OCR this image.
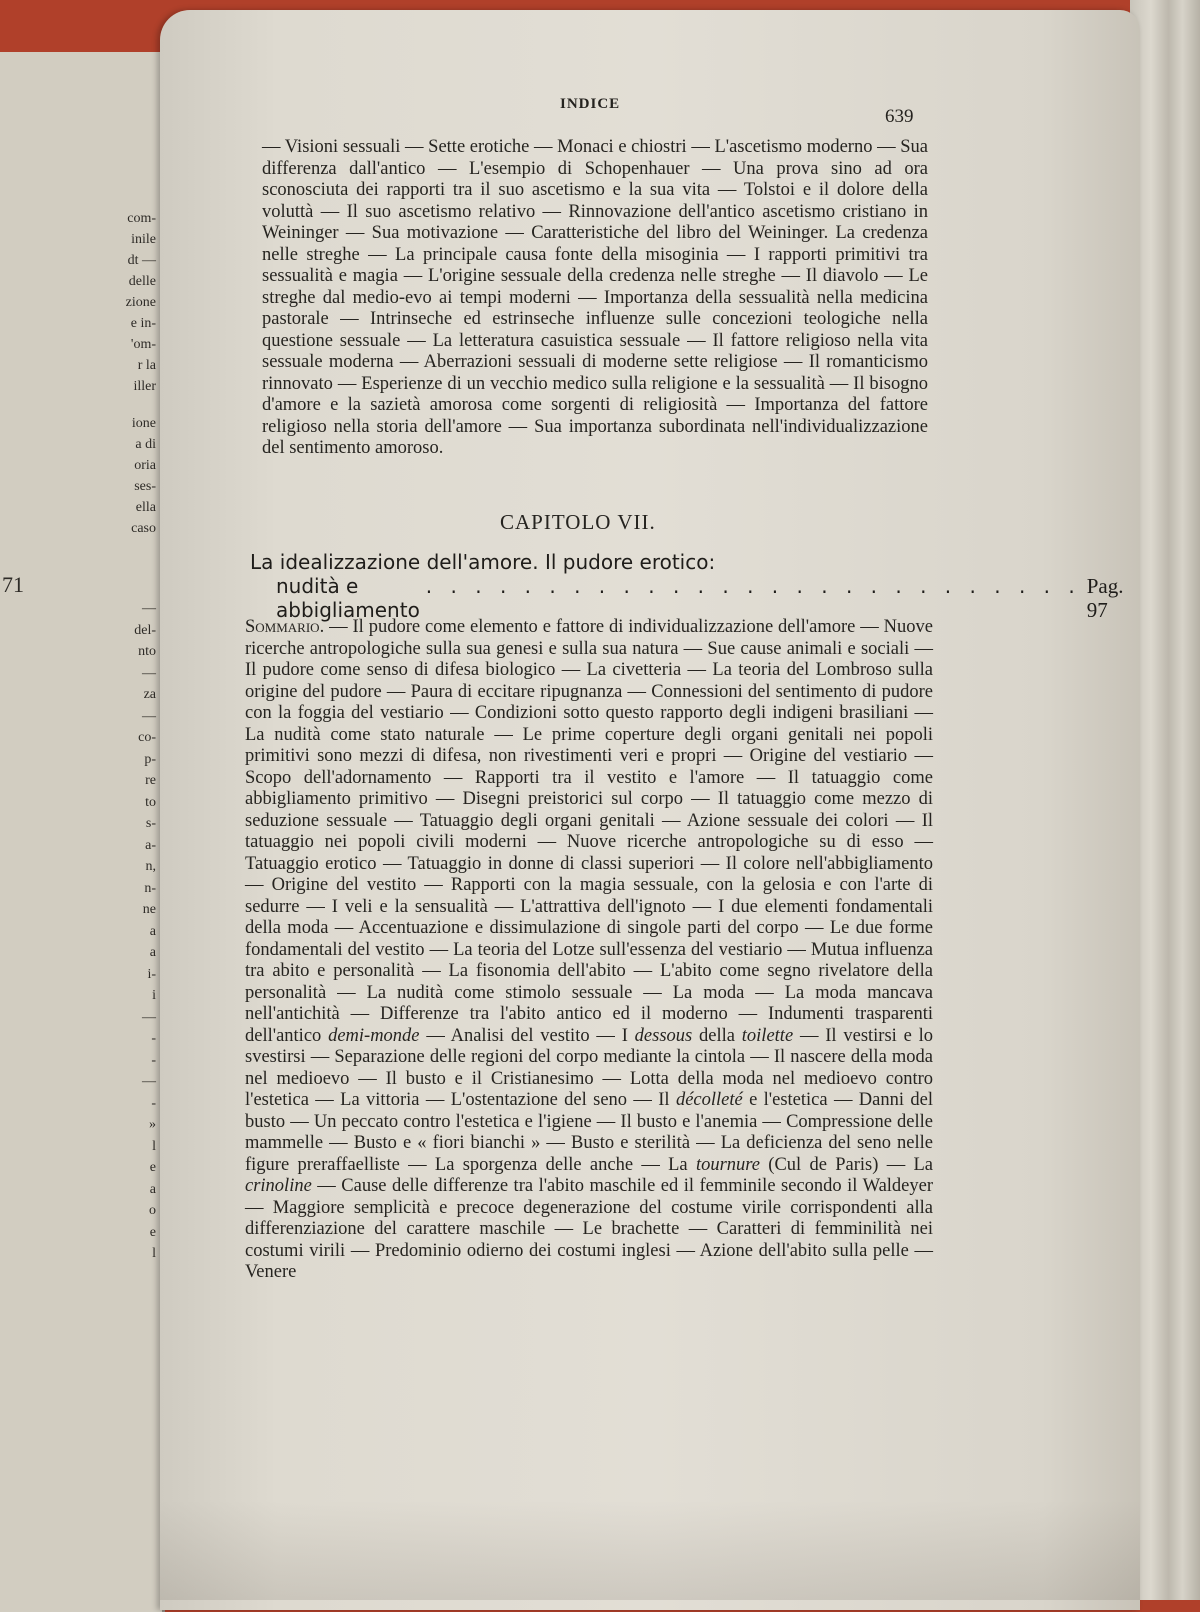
com-
inile
dt —
delle
zione
e in-
'om-
r la
iller
ione
a di
oria
ses-
ella
caso
71
—
del-
nto
—
za
—
co-
p-
re
to
s-
a-
n,
n-
ne
a
a
i-
i
—
-
-
—
-
»
l
e
a
o
e
l
INDICE
639
— Visioni sessuali — Sette erotiche — Monaci e chiostri — L'ascetismo moderno — Sua differenza dall'antico — L'esempio di Schopenhauer — Una prova sino ad ora sconosciuta dei rapporti tra il suo ascetismo e la sua vita — Tolstoi e il dolore della voluttà — Il suo ascetismo relativo — Rinnovazione dell'antico ascetismo cristiano in Weininger — Sua motivazione — Caratteristiche del libro del Weininger. La credenza nelle streghe — La principale causa fonte della misoginia — I rapporti primitivi tra sessualità e magia — L'origine sessuale della credenza nelle streghe — Il diavolo — Le streghe dal medio-evo ai tempi moderni — Importanza della sessualità nella medicina pastorale — Intrinseche ed estrinseche influenze sulle concezioni teologiche nella questione sessuale — La letteratura casuistica sessuale — Il fattore religioso nella vita sessuale moderna — Aberrazioni sessuali di moderne sette religiose — Il romanticismo rinnovato — Esperienze di un vecchio medico sulla religione e la sessualità — Il bisogno d'amore e la sazietà amorosa come sorgenti di religiosità — Importanza del fattore religioso nella storia dell'amore — Sua importanza subordinata nell'individualizzazione del sentimento amoroso.
CAPITOLO VII.
La idealizzazione dell'amore. Il pudore erotico:
nudità e abbigliamento
. . . . . . . . . . . . . . . . . . . . . . . . . . . Pag. 97
Sommario. — Il pudore come elemento e fattore di individualizzazione dell'amore — Nuove ricerche antropologiche sulla sua genesi e sulla sua natura — Sue cause animali e sociali — Il pudore come senso di difesa biologico — La civetteria — La teoria del Lombroso sulla origine del pudore — Paura di eccitare ripugnanza — Connessioni del sentimento di pudore con la foggia del vestiario — Condizioni sotto questo rapporto degli indigeni brasiliani — La nudità come stato naturale — Le prime coperture degli organi genitali nei popoli primitivi sono mezzi di difesa, non rivestimenti veri e propri — Origine del vestiario — Scopo dell'adornamento — Rapporti tra il vestito e l'amore — Il tatuaggio come abbigliamento primitivo — Disegni preistorici sul corpo — Il tatuaggio come mezzo di seduzione sessuale — Tatuaggio degli organi genitali — Azione sessuale dei colori — Il tatuaggio nei popoli civili moderni — Nuove ricerche antropologiche su di esso — Tatuaggio erotico — Tatuaggio in donne di classi superiori — Il colore nell'abbigliamento — Origine del vestito — Rapporti con la magia sessuale, con la gelosia e con l'arte di sedurre — I veli e la sensualità — L'attrattiva dell'ignoto — I due elementi fondamentali della moda — Accentuazione e dissimulazione di singole parti del corpo — Le due forme fondamentali del vestito — La teoria del Lotze sull'essenza del vestiario — Mutua influenza tra abito e personalità — La fisonomia dell'abito — L'abito come segno rivelatore della personalità — La nudità come stimolo sessuale — La moda — La moda mancava nell'antichità — Differenze tra l'abito antico ed il moderno — Indumenti trasparenti dell'antico demi-monde — Analisi del vestito — I dessous della toilette — Il vestirsi e lo svestirsi — Separazione delle regioni del corpo mediante la cintola — Il nascere della moda nel medioevo — Il busto e il Cristianesimo — Lotta della moda nel medioevo contro l'estetica — La vittoria — L'ostentazione del seno — Il décolleté e l'estetica — Danni del busto — Un peccato contro l'estetica e l'igiene — Il busto e l'anemia — Compressione delle mammelle — Busto e « fiori bianchi » — Busto e sterilità — La deficienza del seno nelle figure preraffaelliste — La sporgenza delle anche — La tournure (Cul de Paris) — La crinoline — Cause delle differenze tra l'abito maschile ed il femminile secondo il Waldeyer — Maggiore semplicità e precoce degenerazione del costume virile corrispondenti alla differenziazione del carattere maschile — Le brachette — Caratteri di femminilità nei costumi virili — Predominio odierno dei costumi inglesi — Azione dell'abito sulla pelle — Venere
